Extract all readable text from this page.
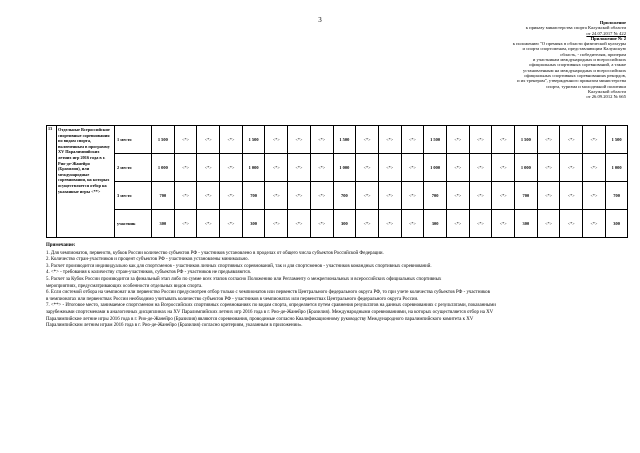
3	Приложение
к приказу министерства спорта Калужской области
от 24.07.2017 № 422
Приложение № 2
к положению "О премиях в области физической культуры
и спорта спортсменам, представляющим Калужскую
область, - победителям, призерам
и участникам международных и всероссийских
официальных спортивных соревнований, а также
установленным на международных и всероссийских
официальных спортивных соревнованиях рекордов,
и их тренерам", утвержденного приказом министерства
спорта, туризма и молодежной политики
Калужской области
от 26.09.2012 № 665
13	Отдельные Всероссийские спортивные соревнования по видам спорта, включенным в программу XV Паралимпийских летних игр 2016 года в г. Рио-де-Жанейро (Бразилия), или международные соревнования, на которых осуществляется отбор на указанные игры <**>	1 место	1 500	<*>	<*>	<*>	1 500	<*>	<*>	<*>	1 500	<*>	<*>	<*>	1 500	<*>	<*>	<*>	1 500	<*>	<*>	<*>	1 500
		2 место	1 000	<*>	<*>	<*>	1 000	<*>	<*>	<*>	1 000	<*>	<*>	<*>	1 000	<*>	<*>	<*>	1 000	<*>	<*>	<*>	1 000
		3 место	700	<*>	<*>	<*>	700	<*>	<*>	<*>	700	<*>	<*>	<*>	700	<*>	<*>	<*>	700	<*>	<*>	<*>	700
		участник	300	<*>	<*>	<*>	300	<*>	<*>	<*>	300	<*>	<*>	<*>	300	<*>	<*>	<*>	300	<*>	<*>	<*>	300
Примечание:
1. Для чемпионатов, первенств, кубков России количество субъектов РФ - участников установлено в проделах от общего числа субъектов Российской Федерации.
2. Количество стран-участников и процент субъектов РФ - участников установлены минимально.
3. Расчет производится индивидуально как для спортсменов - участников личных спортивных соревнований, так и для спортсменов - участников командных спортивных соревнований.
4. <*> - требования к количеству стран-участников, субъектов РФ - участников не предъявляются.
5. Расчет за Кубок России производится за финальный этап либо по сумме всех этапов согласно Положению или Регламенту о межрегиональных и всероссийских официальных спортивных
мероприятиях, предусматривающих особенности отдельных видов спорта.
6. Если системой отбора на чемпионат или первенство России предусмотрен отбор только с чемпионатов или первенств Центрального федерального округа РФ, то при учете количества субъектов РФ - участников
в чемпионатах или первенствах России необходимо учитывать количество субъектов РФ - участников в чемпионатах или первенствах Центрального федерального округа России.
7. <**> - Итоговое место, занимаемое спортсменом на Всероссийских спортивных соревнованиях по видам спорта, определяется путем сравнения результатов на данных соревнованиях с результатами, показанными
зарубежными спортсменами в аналогичных дисциплинах на XV Паралимпийских летних игр 2016 года в г. Рио-де-Жанейро (Бразилия). Международными соревнованиями, на которых осуществляется отбор на XV
Паралимпийские летние игры 2016 года в г. Рио-де-Жанейро (Бразилия) являются соревнования, проводимые согласно Квалификационному руководству Международного паралимпийского комитета к XV
Паралимпийским летним играм 2016 года в г. Рио-де-Жанейро (Бразилия) согласно критериям, указанным в приложении».
